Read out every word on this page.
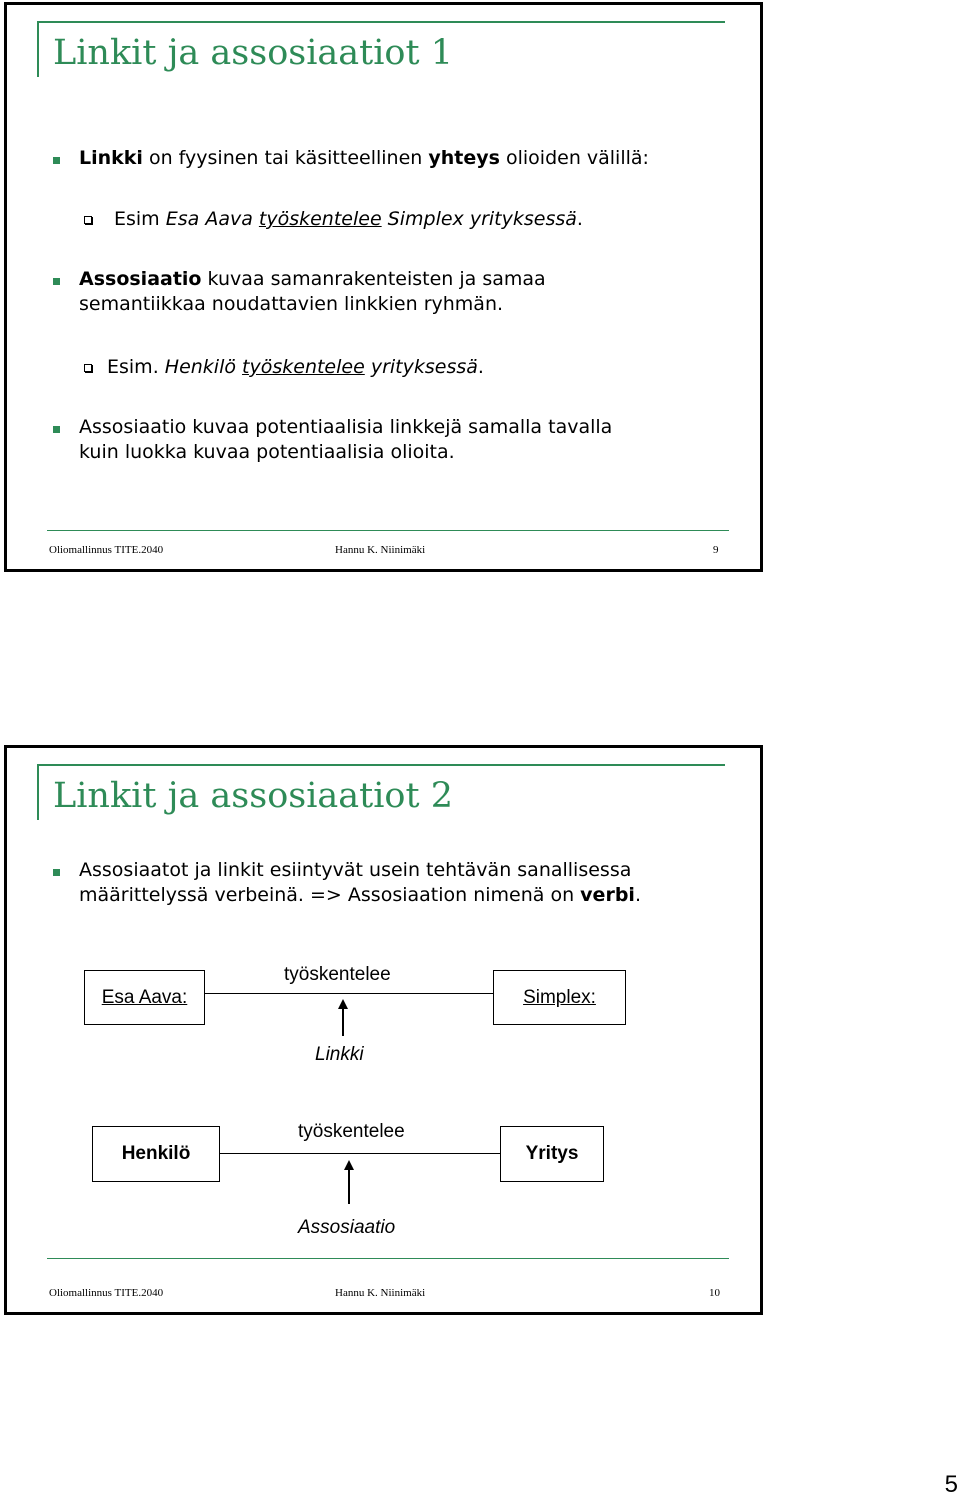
Linkit ja assosiaatiot 1
Linkki on fyysinen tai käsitteellinen yhteys olioiden välillä:
Esim Esa Aava työskentelee Simplex yrityksessä.
Assosiaatio kuvaa samanrakenteisten ja samaa
semantiikkaa noudattavien linkkien ryhmän.
Esim. Henkilö työskentelee yrityksessä.
Assosiaatio kuvaa potentiaalisia linkkejä samalla tavalla
kuin luokka kuvaa potentiaalisia olioita.
Oliomallinnus TITE.2040	Hannu K. Niinimäki	9
Linkit ja assosiaatiot 2
Assosiaatot ja linkit esiintyvät usein tehtävän sanallisessa
määrittelyssä verbeinä. => Assosiaation nimenä on verbi.
Esa Aava:
työskentelee
Simplex:
Linkki
Henkilö
työskentelee
Yritys
Assosiaatio
Oliomallinnus TITE.2040	Hannu K. Niinimäki	10
5
